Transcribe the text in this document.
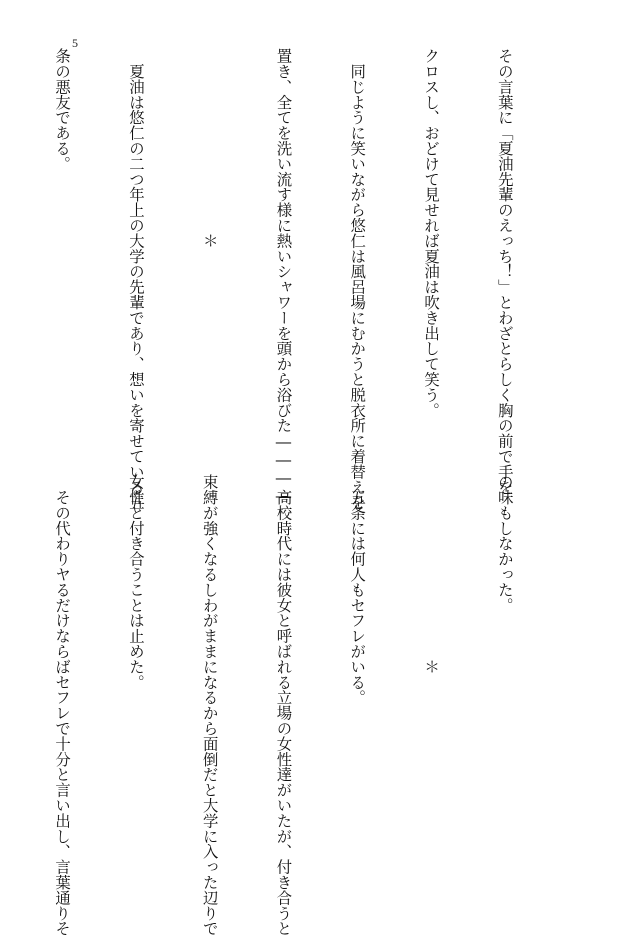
5

その言葉に「夏油先輩のえっち！」とわざとらしく胸の前で手を

クロスし、おどけて見せれば夏油は吹き出して笑う。

　同じように笑いながら悠仁は風呂場にむかうと脱衣所に着替えを

置き、全てを洗い流す様に熱いシャワーを頭から浴びた――――

　　　　　　　　　　　　＊

　夏油は悠仁の二つ年上の大学の先輩であり、想いを寄せている五

条の悪友である。

の味もしなかった。

　　　　　　　　　　　　＊

　五条には何人もセフレがいる。

　高校時代には彼女と呼ばれる立場の女性達がいたが、付き合うと

束縛が強くなるしわがままになるから面倒だと大学に入った辺りで

女性と付き合うことは止めた。

　その代わりヤるだけならばセフレで十分と言い出し、言葉通りそ
